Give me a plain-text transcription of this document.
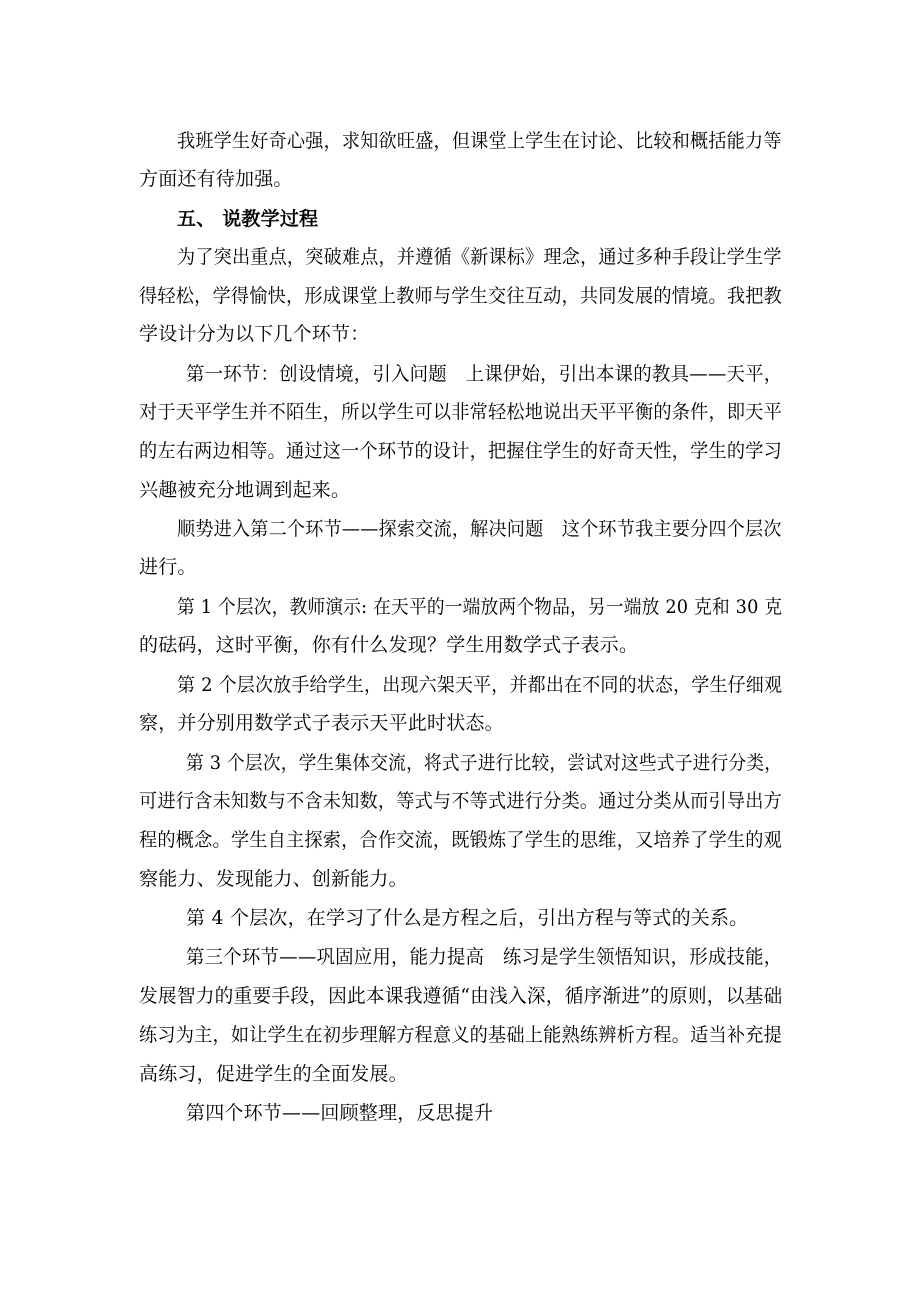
我班学生好奇心强，求知欲旺盛，但课堂上学生在讨论、比较和概括能力等
方面还有待加强。
五、 说教学过程
为了突出重点，突破难点，并遵循《新课标》理念，通过多种手段让学生学
得轻松，学得愉快，形成课堂上教师与学生交往互动，共同发展的情境。我把教
学设计分为以下几个环节：
第一环节：创设情境，引入问题　上课伊始，引出本课的教具——天平，
对于天平学生并不陌生，所以学生可以非常轻松地说出天平平衡的条件，即天平
的左右两边相等。通过这一个环节的设计，把握住学生的好奇天性，学生的学习
兴趣被充分地调到起来。
顺势进入第二个环节——探索交流，解决问题　这个环节我主要分四个层次
进行。
第 1 个层次，教师演示: 在天平的一端放两个物品，另一端放 20 克和 30 克
的砝码，这时平衡，你有什么发现？学生用数学式子表示。
第 2 个层次放手给学生，出现六架天平，并都出在不同的状态，学生仔细观
察，并分别用数学式子表示天平此时状态。
第 3 个层次，学生集体交流，将式子进行比较，尝试对这些式子进行分类，
可进行含未知数与不含未知数，等式与不等式进行分类。通过分类从而引导出方
程的概念。学生自主探索，合作交流，既锻炼了学生的思维，又培养了学生的观
察能力、发现能力、创新能力。
第 4 个层次，在学习了什么是方程之后，引出方程与等式的关系。
第三个环节——巩固应用，能力提高　练习是学生领悟知识，形成技能，
发展智力的重要手段，因此本课我遵循“由浅入深，循序渐进”的原则，以基础
练习为主，如让学生在初步理解方程意义的基础上能熟练辨析方程。适当补充提
高练习，促进学生的全面发展。
第四个环节——回顾整理，反思提升
